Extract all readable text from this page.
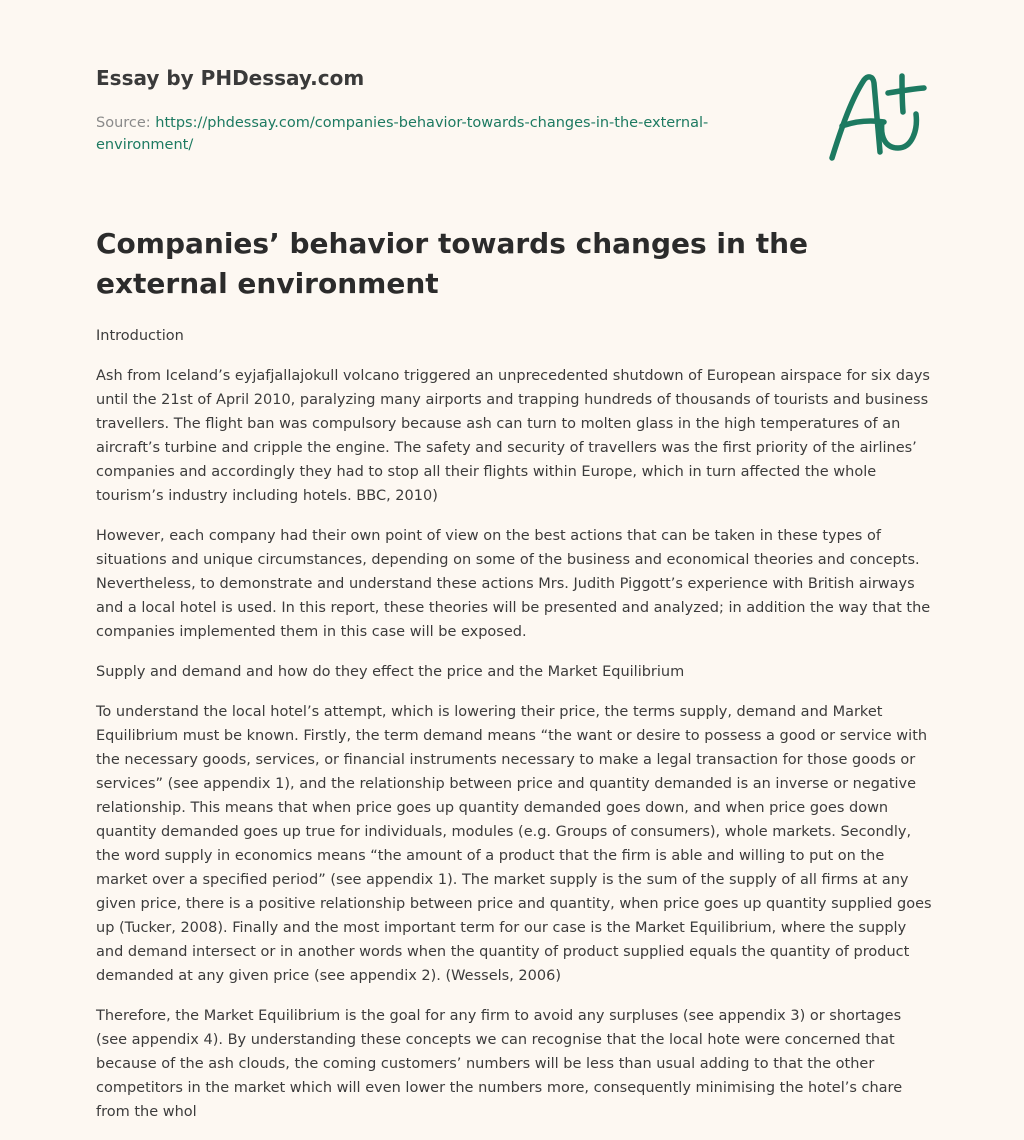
Essay by PHDessay.com
Source: https://phdessay.com/companies-behavior-towards-changes-in-the-external-environment/
Companies’ behavior towards changes in the external environment

Introduction

Ash from Iceland’s eyjafjallajokull volcano triggered an unprecedented shutdown of European airspace for six days until the 21st of April 2010, paralyzing many airports and trapping hundreds of thousands of tourists and business travellers. The flight ban was compulsory because ash can turn to molten glass in the high temperatures of an aircraft’s turbine and cripple the engine. The safety and security of travellers was the first priority of the airlines’ companies and accordingly they had to stop all their flights within Europe, which in turn affected the whole tourism’s industry including hotels. BBC, 2010)

However, each company had their own point of view on the best actions that can be taken in these types of situations and unique circumstances, depending on some of the business and economical theories and concepts. Nevertheless, to demonstrate and understand these actions Mrs. Judith Piggott’s experience with British airways and a local hotel is used. In this report, these theories will be presented and analyzed; in addition the way that the companies implemented them in this case will be exposed.

Supply and demand and how do they effect the price and the Market Equilibrium

To understand the local hotel’s attempt, which is lowering their price, the terms supply, demand and Market Equilibrium must be known. Firstly, the term demand means “the want or desire to possess a good or service with the necessary goods, services, or financial instruments necessary to make a legal transaction for those goods or services” (see appendix 1), and the relationship between price and quantity demanded is an inverse or negative relationship. This means that when price goes up quantity demanded goes down, and when price goes down quantity demanded goes up true for individuals, modules (e.g. Groups of consumers), whole markets. Secondly, the word supply in economics means “the amount of a product that the firm is able and willing to put on the market over a specified period” (see appendix 1). The market supply is the sum of the supply of all firms at any given price, there is a positive relationship between price and quantity, when price goes up quantity supplied goes up (Tucker, 2008). Finally and the most important term for our case is the Market Equilibrium, where the supply and demand intersect or in another words when the quantity of product supplied equals the quantity of product demanded at any given price (see appendix 2). (Wessels, 2006)

Therefore, the Market Equilibrium is the goal for any firm to avoid any surpluses (see appendix 3) or shortages (see appendix 4). By understanding these concepts we can recognise that the local hote were concerned that because of the ash clouds, the coming customers’ numbers will be less than usual adding to that the other competitors in the market which will even lower the numbers more, consequently minimising the hotel’s chare from the whol
